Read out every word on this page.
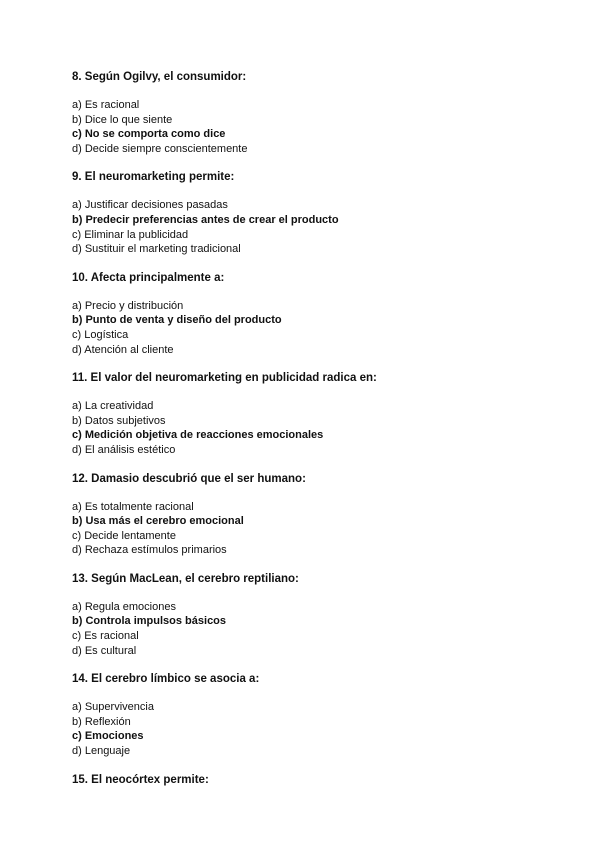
8. Según Ogilvy, el consumidor:
a) Es racional
b) Dice lo que siente
c) No se comporta como dice
d) Decide siempre conscientemente
9. El neuromarketing permite:
a) Justificar decisiones pasadas
b) Predecir preferencias antes de crear el producto
c) Eliminar la publicidad
d) Sustituir el marketing tradicional
10. Afecta principalmente a:
a) Precio y distribución
b) Punto de venta y diseño del producto
c) Logística
d) Atención al cliente
11. El valor del neuromarketing en publicidad radica en:
a) La creatividad
b) Datos subjetivos
c) Medición objetiva de reacciones emocionales
d) El análisis estético
12. Damasio descubrió que el ser humano:
a) Es totalmente racional
b) Usa más el cerebro emocional
c) Decide lentamente
d) Rechaza estímulos primarios
13. Según MacLean, el cerebro reptiliano:
a) Regula emociones
b) Controla impulsos básicos
c) Es racional
d) Es cultural
14. El cerebro límbico se asocia a:
a) Supervivencia
b) Reflexión
c) Emociones
d) Lenguaje
15. El neocórtex permite:
